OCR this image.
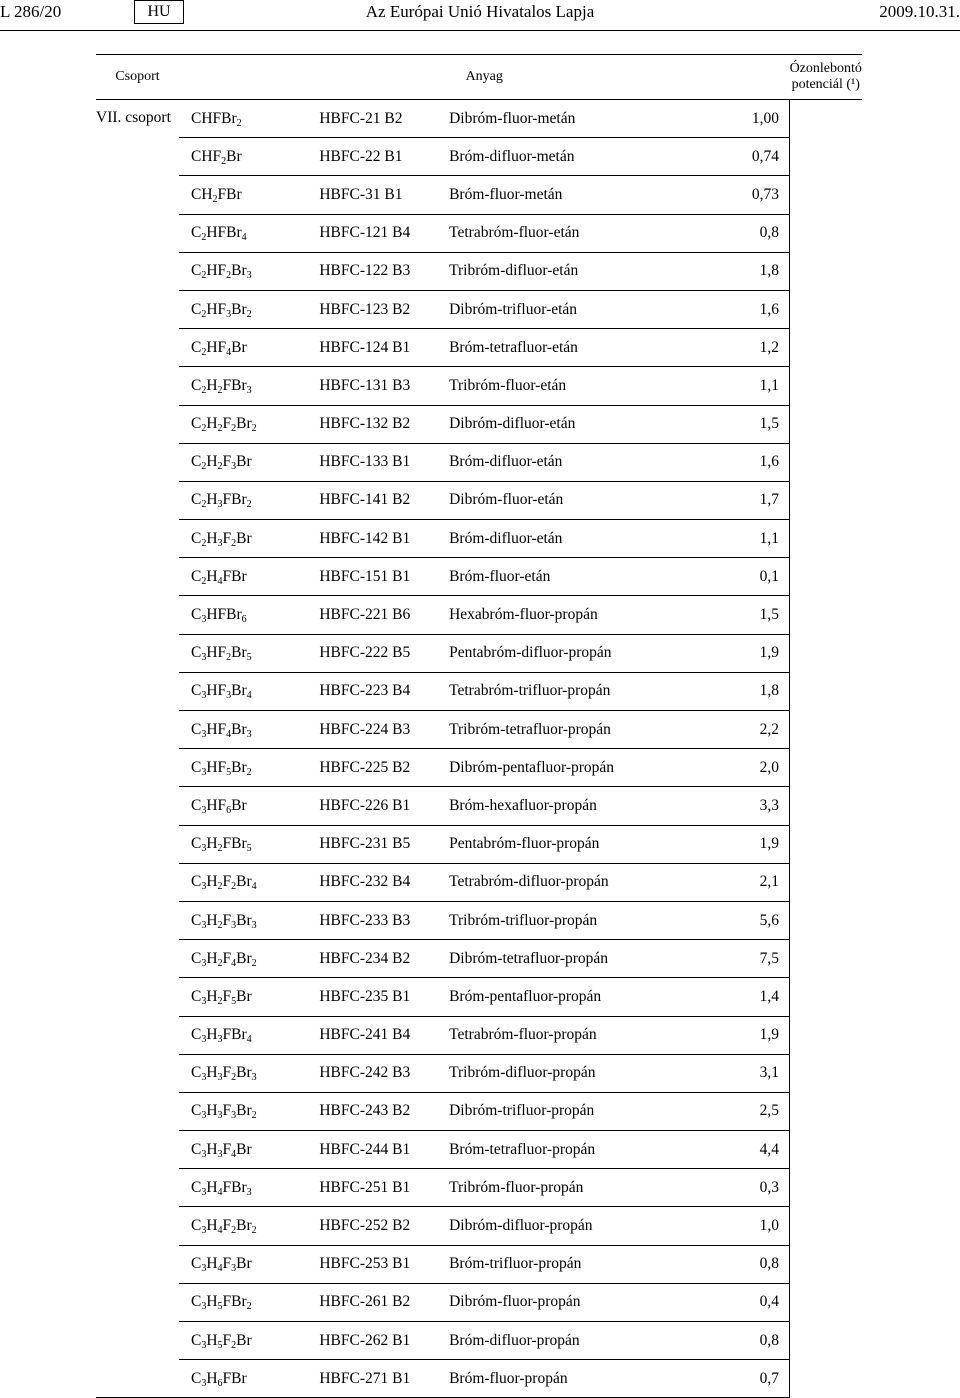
L 286/20	Az Európai Unió Hivatalos Lapja
HU	2009.10.31.
Csoport	Anyag				Ózonlebontó
potenciál (¹)
VII. csoport	CHFBr$_2$	HBFC-21 B2	Dibróm-fluor-metán	1,00	
	$CHF_2Br$	HBFC-22 B1	Bróm-difluor-metán	0,74	
	$CH_2FBr$	HBFC-31 B1	Bróm-fluor-metán	0,73	
	$C_2HFBr_4$	HBFC-121 B4	Tetrabróm-fluor-etán	0,8	
	$C_2HF_2Br_3$	HBFC-122 B3	Tribróm-difluor-etán	1,8	
	$C_2HF_3Br_2$	HBFC-123 B2	Dibróm-trifluor-etán	1,6	
	$C_2HF_4Br$	HBFC-124 B1	Bróm-tetrafluor-etán	1,2	
	$C_2H_2FBr_3$	HBFC-131 B3	Tribróm-fluor-etán	1,1	
	$C_2H_2F_2Br_2$	HBFC-132 B2	Dibróm-difluor-etán	1,5	
	$C_2H_2F_3Br$	HBFC-133 B1	Bróm-difluor-etán	1,6	
	$C_2H_3FBr_2$	HBFC-141 B2	Dibróm-fluor-etán	1,7	
	$C_2H_3F_2Br$	HBFC-142 B1	Bróm-difluor-etán	1,1	
	$C_2H_4FBr$	HBFC-151 B1	Bróm-fluor-etán	0,1	
	$C_3HFBr_6$	HBFC-221 B6	Hexabróm-fluor-propán	1,5	
	$C_3HF_2Br_5$	HBFC-222 B5	Pentabróm-difluor-propán	1,9	
	$C_3HF_3Br_4$	HBFC-223 B4	Tetrabróm-trifluor-propán	1,8	
	$C_3HF_4Br_3$	HBFC-224 B3	Tribróm-tetrafluor-propán	2,2	
	$C_3HF_5Br_2$	HBFC-225 B2	Dibróm-pentafluor-propán	2,0	
	$C_3HF_6Br$	HBFC-226 B1	Bróm-hexafluor-propán	3,3	
	$C_3H_2FBr_5$	HBFC-231 B5	Pentabróm-fluor-propán	1,9	
	$C_3H_2F_2Br_4$	HBFC-232 B4	Tetrabróm-difluor-propán	2,1	
	$C_3H_2F_3Br_3$	HBFC-233 B3	Tribróm-trifluor-propán	5,6	
	$C_3H_2F_4Br_2$	HBFC-234 B2	Dibróm-tetrafluor-propán	7,5	
	$C_3H_2F_5Br$	HBFC-235 B1	Bróm-pentafluor-propán	1,4	
	$C_3H_3FBr_4$	HBFC-241 B4	Tetrabróm-fluor-propán	1,9	
	$C_3H_3F_2Br_3$	HBFC-242 B3	Tribróm-difluor-propán	3,1	
	$C_3H_3F_3Br_2$	HBFC-243 B2	Dibróm-trifluor-propán	2,5	
	$C_3H_3F_4Br$	HBFC-244 B1	Bróm-tetrafluor-propán	4,4	
	$C_3H_4FBr_3$	HBFC-251 B1	Tribróm-fluor-propán	0,3	
	$C_3H_4F_2Br_2$	HBFC-252 B2	Dibróm-difluor-propán	1,0	
	$C_3H_4F_3Br$	HBFC-253 B1	Bróm-trifluor-propán	0,8	
	$C_3H_5FBr_2$	HBFC-261 B2	Dibróm-fluor-propán	0,4	
	$C_3H_5F_2Br$	HBFC-262 B1	Bróm-difluor-propán	0,8	
	$C_3H_6FBr$	HBFC-271 B1	Bróm-fluor-propán	0,7	
